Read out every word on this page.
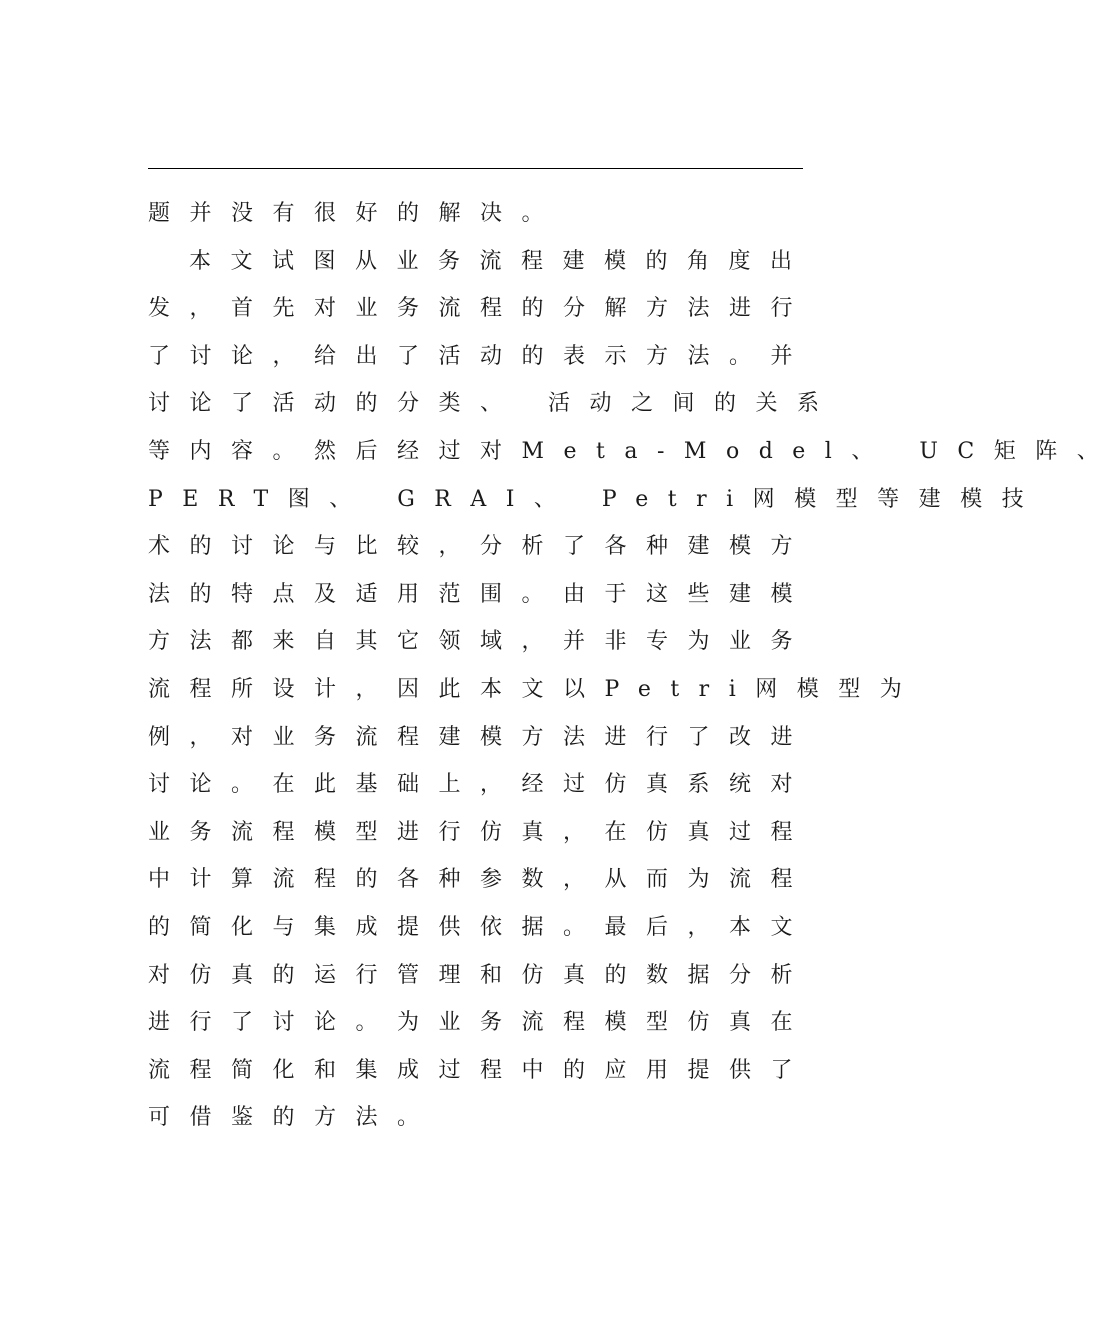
题并没有很好的解决。
本文试图从业务流程建模的角度出
发，首先对业务流程的分解方法进行
了讨论，给出了活动的表示方法。并
讨论了活动的分类、 活动之间的关系
等内容。然后经过对Meta-Model、 UC矩阵、
PERT图、 GRAI、 Petri网模型等建模技
术的讨论与比较，分析了各种建模方
法的特点及适用范围。由于这些建模
方法都来自其它领域，并非专为业务
流程所设计，因此本文以Petri网模型为
例，对业务流程建模方法进行了改进
讨论。在此基础上，经过仿真系统对
业务流程模型进行仿真，在仿真过程
中计算流程的各种参数，从而为流程
的简化与集成提供依据。最后，本文
对仿真的运行管理和仿真的数据分析
进行了讨论。为业务流程模型仿真在
流程简化和集成过程中的应用提供了
可借鉴的方法。
